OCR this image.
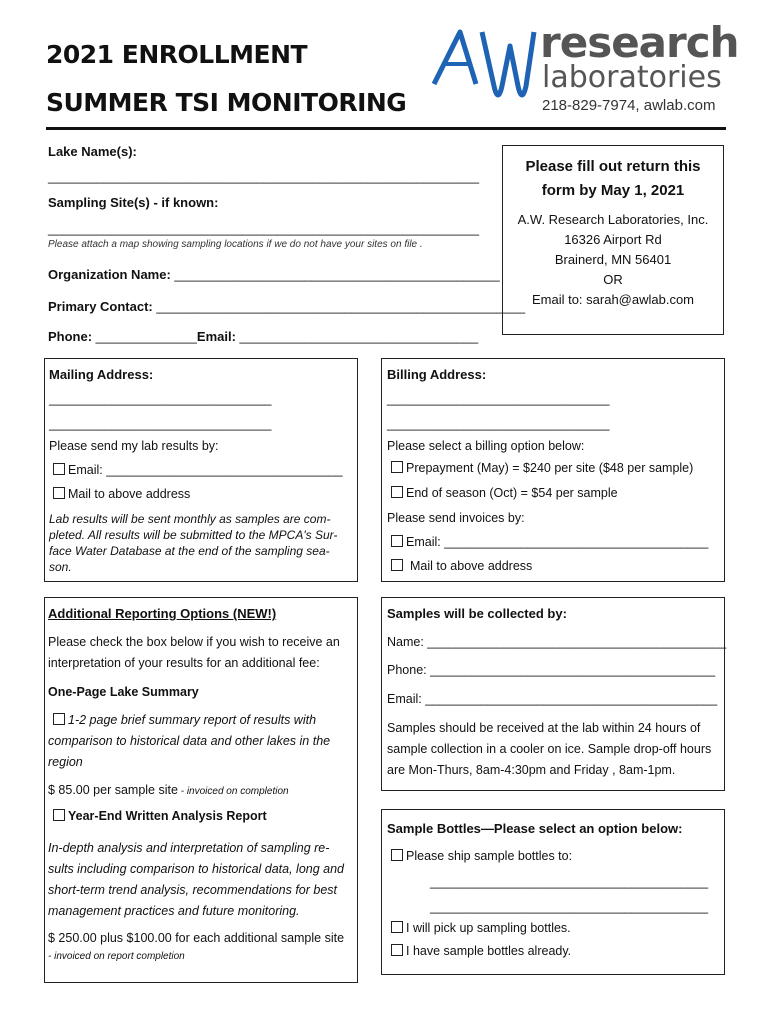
2021 ENROLLMENT
SUMMER TSI MONITORING
research
laboratories
218-829-7974, awlab.com
Lake Name(s):
______________________________________________________________
Sampling Site(s) - if known:
______________________________________________________________
Please attach a map showing sampling locations if we do not have your sites on file .
Organization Name: _____________________________________________
Primary Contact: ___________________________________________________
Phone: ______________Email: _________________________________
Please fill out return this
form by May 1, 2021
A.W. Research Laboratories, Inc.
16326 Airport Rd
Brainerd, MN 56401
OR
Email to: sarah@awlab.com
Mailing Address:
________________________________
________________________________
Please send my lab results by:
Email: __________________________________
Mail to above address
Lab results will be sent monthly as samples are com-pleted. All results will be submitted to the MPCA's Sur-face Water Database at the end of the sampling sea-son.
Billing Address:
________________________________
________________________________
Please select a billing option below:
Prepayment (May) = $240 per site ($48 per sample)
End of season (Oct) = $54 per sample
Please send invoices by:
Email: ______________________________________
Mail to above address
Additional Reporting Options (NEW!)
Please check the box below if you wish to receive an
interpretation of your results for an additional fee:
One-Page Lake Summary
1-2 page brief summary report of results with
comparison to historical data and other lakes in the
region
$ 85.00 per sample site - invoiced on completion
Year-End Written Analysis Report
In-depth analysis and interpretation of sampling re-
sults including comparison to historical data, long and
short-term trend analysis, recommendations for best
management practices and future monitoring.
$ 250.00 plus $100.00 for each additional sample site
- invoiced on report completion
Samples will be collected by:
Name: ___________________________________________
Phone: _________________________________________
Email: __________________________________________
Samples should be received at the lab within 24 hours of
sample collection in a cooler on ice. Sample drop-off hours
are Mon-Thurs, 8am-4:30pm and Friday , 8am-1pm.
Sample Bottles—Please select an option below:
Please ship sample bottles to:
________________________________________
________________________________________
I will pick up sampling bottles.
I have sample bottles already.
